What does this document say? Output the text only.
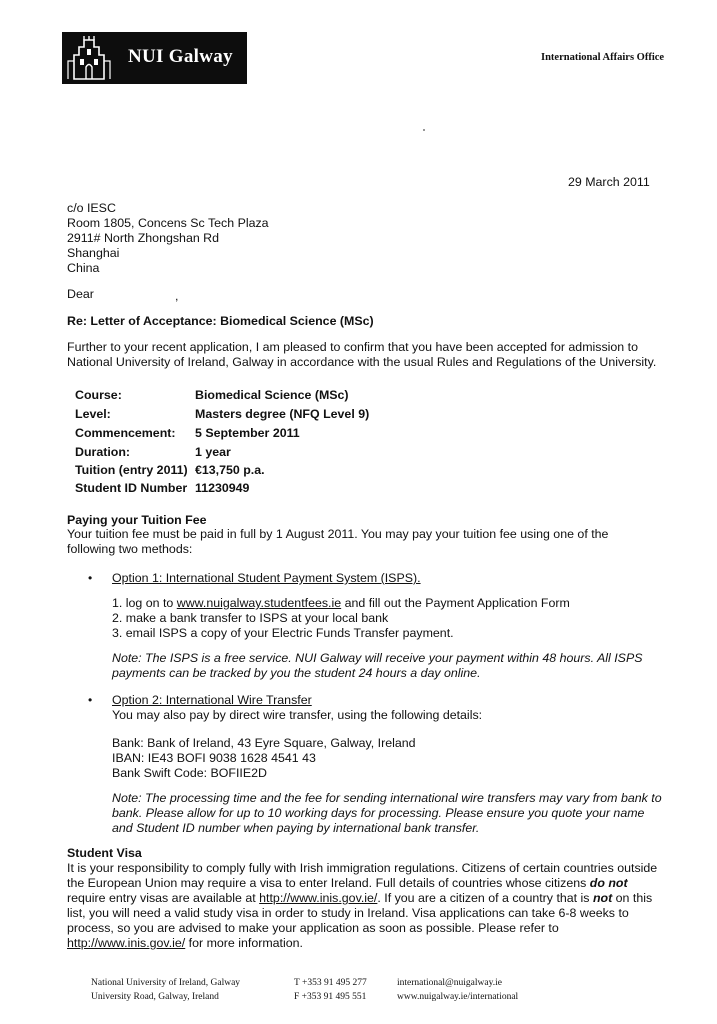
NUI Galway	International Affairs Office
29 March 2011
c/o IESC
Room 1805, Concens Sc Tech Plaza
2911# North Zhongshan Rd
Shanghai
China
Dear	,
Re: Letter of Acceptance: Biomedical Science (MSc)
Further to your recent application, I am pleased to confirm that you have been accepted for admission to
National University of Ireland, Galway in accordance with the usual Rules and Regulations of the University.
Course:	Biomedical Science (MSc)
Level:	Masters degree (NFQ Level 9)
Commencement:	5 September 2011
Duration:	1 year
Tuition (entry 2011) €13,750 p.a.
Student ID Number 11230949
Paying your Tuition Fee
Your tuition fee must be paid in full by 1 August 2011. You may pay your tuition fee using one of the
following two methods:
• Option 1: International Student Payment System (ISPS).
1. log on to www.nuigalway.studentfees.ie and fill out the Payment Application Form
2. make a bank transfer to ISPS at your local bank
3. email ISPS a copy of your Electric Funds Transfer payment.
Note: The ISPS is a free service. NUI Galway will receive your payment within 48 hours. All ISPS
payments can be tracked by you the student 24 hours a day online.
• Option 2: International Wire Transfer
You may also pay by direct wire transfer, using the following details:
Bank: Bank of Ireland, 43 Eyre Square, Galway, Ireland
IBAN: IE43 BOFI 9038 1628 4541 43
Bank Swift Code: BOFIIE2D
Note: The processing time and the fee for sending international wire transfers may vary from bank to
bank. Please allow for up to 10 working days for processing. Please ensure you quote your name
and Student ID number when paying by international bank transfer.
Student Visa
It is your responsibility to comply fully with Irish immigration regulations. Citizens of certain countries outside
the European Union may require a visa to enter Ireland. Full details of countries whose citizens do not
require entry visas are available at http://www.inis.gov.ie/. If you are a citizen of a country that is not on this
list, you will need a valid study visa in order to study in Ireland. Visa applications can take 6-8 weeks to
process, so you are advised to make your application as soon as possible. Please refer to
http://www.inis.gov.ie/ for more information.
National University of Ireland, Galway
University Road, Galway, Ireland
T +353 91 495 277
F +353 91 495 551
international@nuigalway.ie
www.nuigalway.ie/international
